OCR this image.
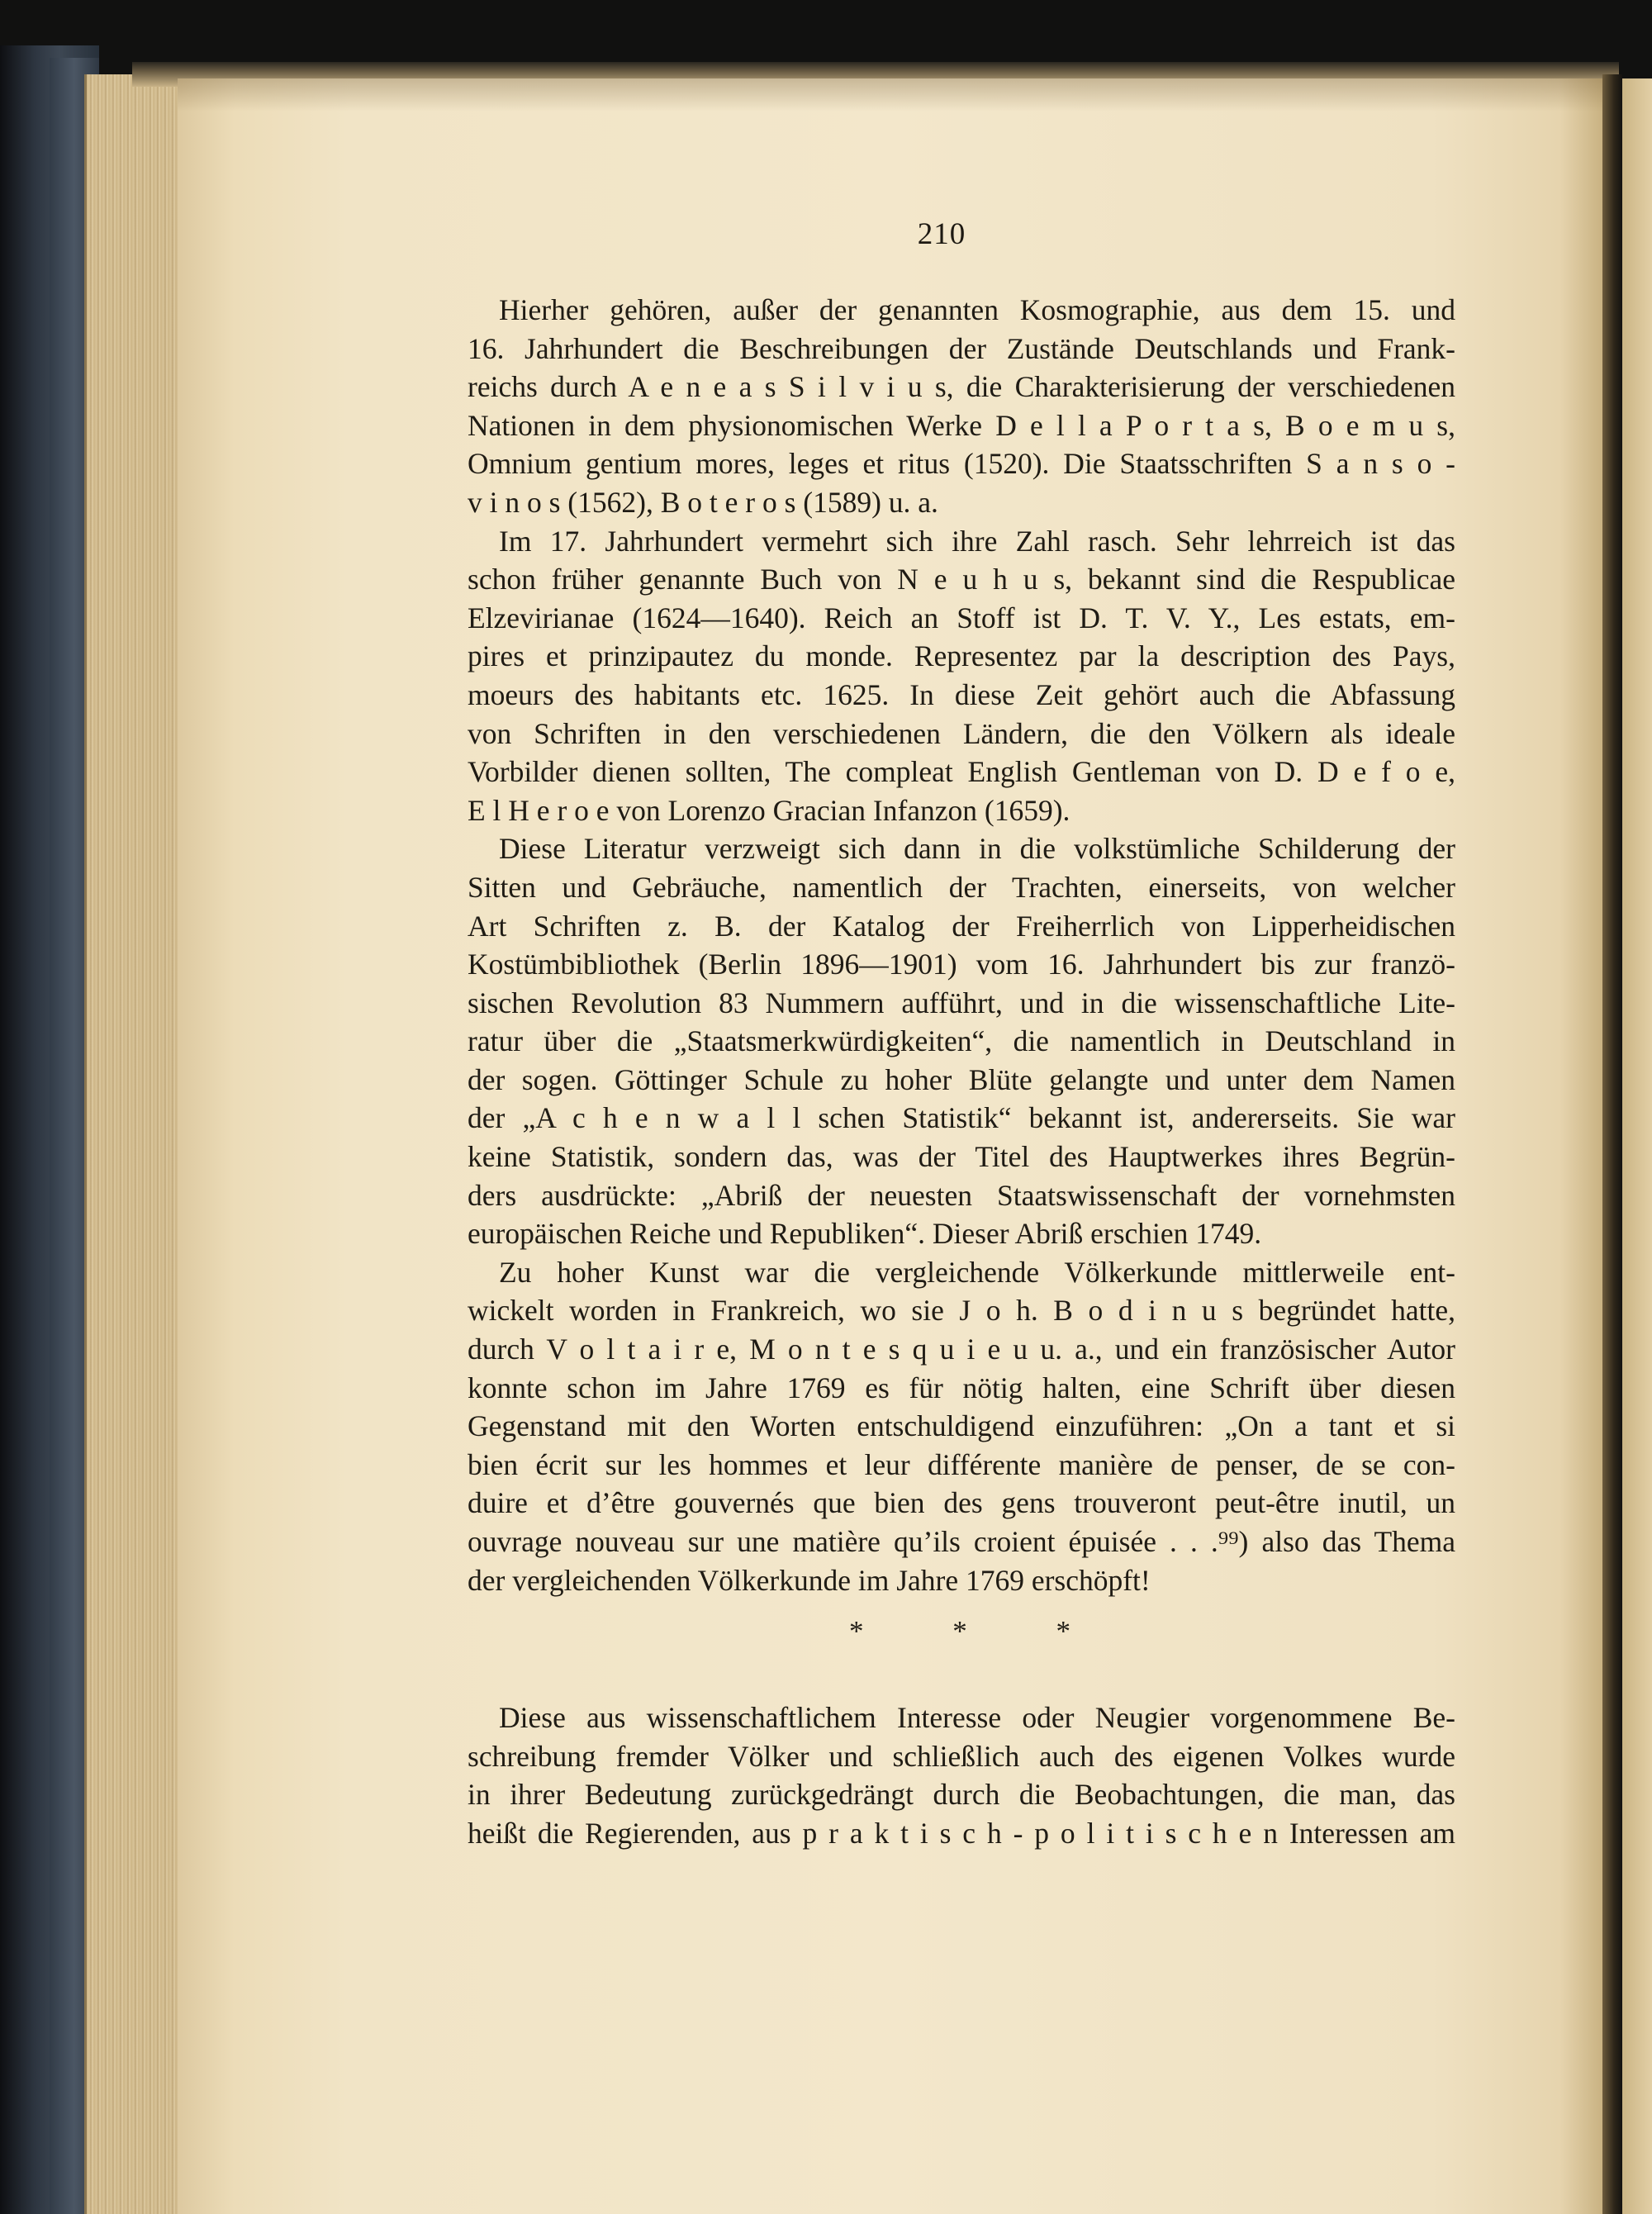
210
Hierher gehören, außer der genannten Kosmographie, aus dem 15. und
16. Jahrhundert die Beschreibungen der Zustände Deutschlands und Frank-
reichs durch A e n e a s S i l v i u s, die Charakterisierung der verschiedenen
Nationen in dem physionomischen Werke D e l l a P o r t a s, B o e m u s,
Omnium gentium mores, leges et ritus (1520). Die Staatsschriften S a n s o -
v i n o s (1562), B o t e r o s (1589) u. a.
Im 17. Jahrhundert vermehrt sich ihre Zahl rasch. Sehr lehrreich ist das
schon früher genannte Buch von N e u h u s, bekannt sind die Respublicae
Elzevirianae (1624—1640). Reich an Stoff ist D. T. V. Y., Les estats, em-
pires et prinzipautez du monde. Representez par la description des Pays,
moeurs des habitants etc. 1625. In diese Zeit gehört auch die Abfassung
von Schriften in den verschiedenen Ländern, die den Völkern als ideale
Vorbilder dienen sollten, The compleat English Gentleman von D. D e f o e,
E l H e r o e von Lorenzo Gracian Infanzon (1659).
Diese Literatur verzweigt sich dann in die volkstümliche Schilderung der
Sitten und Gebräuche, namentlich der Trachten, einerseits, von welcher
Art Schriften z. B. der Katalog der Freiherrlich von Lipperheidischen
Kostümbibliothek (Berlin 1896—1901) vom 16. Jahrhundert bis zur franzö-
sischen Revolution 83 Nummern aufführt, und in die wissenschaftliche Lite-
ratur über die „Staatsmerkwürdigkeiten“, die namentlich in Deutschland in
der sogen. Göttinger Schule zu hoher Blüte gelangte und unter dem Namen
der „A c h e n w a l l schen Statistik“ bekannt ist, andererseits. Sie war
keine Statistik, sondern das, was der Titel des Hauptwerkes ihres Begrün-
ders ausdrückte: „Abriß der neuesten Staatswissenschaft der vornehmsten
europäischen Reiche und Republiken“. Dieser Abriß erschien 1749.
Zu hoher Kunst war die vergleichende Völkerkunde mittlerweile ent-
wickelt worden in Frankreich, wo sie J o h. B o d i n u s begründet hatte,
durch V o l t a i r e, M o n t e s q u i e u u. a., und ein französischer Autor
konnte schon im Jahre 1769 es für nötig halten, eine Schrift über diesen
Gegenstand mit den Worten entschuldigend einzuführen: „On a tant et si
bien écrit sur les hommes et leur différente manière de penser, de se con-
duire et d’être gouvernés que bien des gens trouveront peut-être inutil, un
ouvrage nouveau sur une matière qu’ils croient épuisée . . .⁹⁹) also das Thema
der vergleichenden Völkerkunde im Jahre 1769 erschöpft!
*	*	*
Diese aus wissenschaftlichem Interesse oder Neugier vorgenommene Be-
schreibung fremder Völker und schließlich auch des eigenen Volkes wurde
in ihrer Bedeutung zurückgedrängt durch die Beobachtungen, die man, das
heißt die Regierenden, aus p r a k t i s c h - p o l i t i s c h e n Interessen am
